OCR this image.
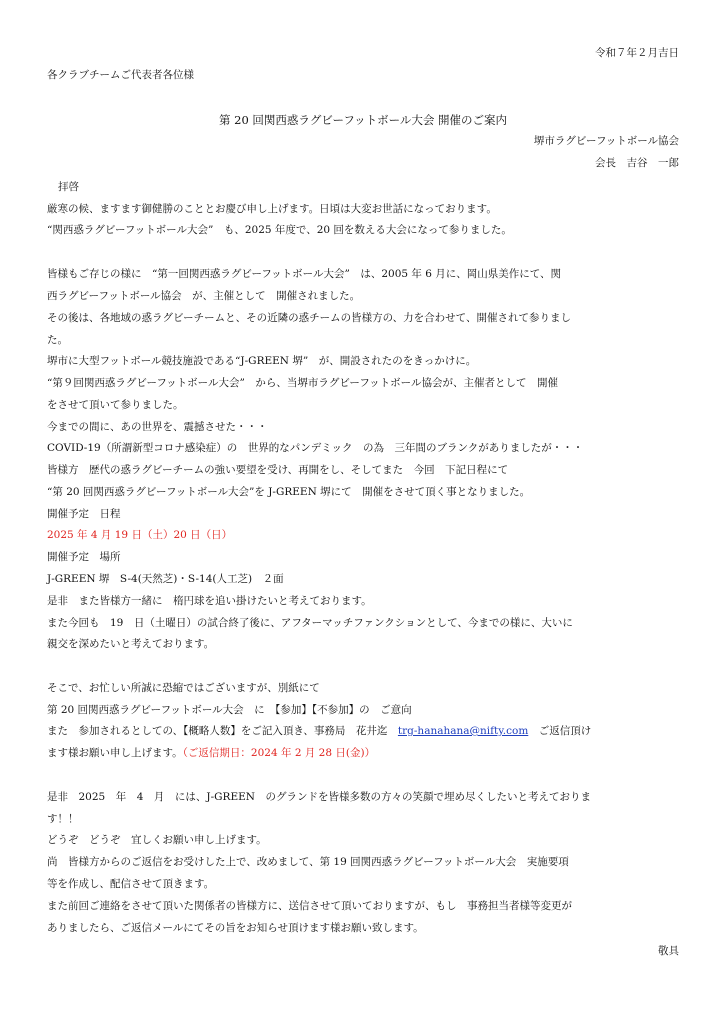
令和７年２月吉日
各クラブチームご代表者各位様
第 20 回関西惑ラグビーフットボール大会 開催のご案内
堺市ラグビーフットボール協会
会長　吉谷　一郎
拝啓
厳寒の候、ますます御健勝のこととお慶び申し上げます。日頃は大変お世話になっております。
“関西惑ラグビーフットボール大会”　も、2025 年度で、20 回を数える大会になって参りました。
皆様もご存じの様に　“第一回関西惑ラグビーフットボール大会”　は、2005 年 6 月に、岡山県美作にて、関
西ラグビーフットボール協会　が、主催として　開催されました。
その後は、各地域の惑ラグビーチームと、その近隣の惑チームの皆様方の、力を合わせて、開催されて参りまし
た。
堺市に大型フットボール競技施設である“J-GREEN 堺”　が、開設されたのをきっかけに。
“第９回関西惑ラグビーフットボール大会”　から、当堺市ラグビーフットボール協会が、主催者として　開催
をさせて頂いて参りました。
今までの間に、あの世界を、震撼させた・・・
COVID-19（所謂新型コロナ感染症）の　世界的なパンデミック　の為　三年間のブランクがありましたが・・・
皆様方　歴代の惑ラグビーチームの強い要望を受け、再開をし、そしてまた　今回　下記日程にて
“第 20 回関西惑ラグビーフットボール大会”を J-GREEN 堺にて　開催をさせて頂く事となりました。
開催予定　日程
2025 年 4 月 19 日（土）20 日（日）
開催予定　場所
J-GREEN 堺　S-4(天然芝)・S-14(人工芝)　２面
是非　また皆様方一緒に　楕円球を追い掛けたいと考えております。
また今回も　19　日（土曜日）の試合終了後に、アフターマッチファンクションとして、今までの様に、大いに
親交を深めたいと考えております。
そこで、お忙しい所誠に恐縮ではございますが、別紙にて
第 20 回関西惑ラグビーフットボール大会　に　【参加】【不参加】の　ご意向
また　参加されるとしての、【概略人数】をご記入頂き、事務局　花井迄　trg-hanahana@nifty.com　ご返信頂け
ます様お願い申し上げます。（ご返信期日：2024 年 2 月 28 日(金)）
是非　2025　年　4　月　には、J-GREEN　のグランドを皆様多数の方々の笑顔で埋め尽くしたいと考えておりま
す！！
どうぞ　どうぞ　宜しくお願い申し上げます。
尚　皆様方からのご返信をお受けした上で、改めまして、第 19 回関西惑ラグビーフットボール大会　実施要項
等を作成し、配信させて頂きます。
また前回ご連絡をさせて頂いた関係者の皆様方に、送信させて頂いておりますが、もし　事務担当者様等変更が
ありましたら、ご返信メールにてその旨をお知らせ頂けます様お願い致します。
敬具
